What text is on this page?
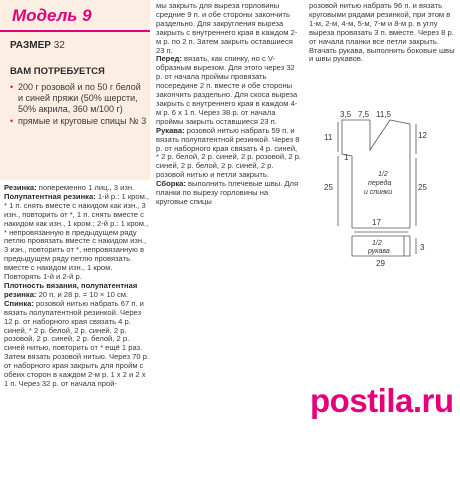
Модель 9
РАЗМЕР 32
ВАМ ПОТРЕБУЕТСЯ
• 200 г розовой и по 50 г белой и синей пряжи (50% шерсти, 50% акрила, 360 м/100 г)
• прямые и круговые спицы № 3

Резинка: попеременно 1 лиц., 3 изн.

Полупатентная резинка: 1-й р.: 1 кром., * 1 п. снять вместе с накидом как изн., 3 изн., повторить от *, 1 п. снять вместе с накидом как изн., 1 кром.; 2-й р.: 1 кром., * непровязанную в предыдущем ряду петлю провязать вместе с накидом изн., 3 изн., повторить от *, непровязанную в предыдущем ряду петлю провязать вместе с накидом изн., 1 кром. Повторять 1-й и 2-й р.

Плотность вязания, полупатентная резинка: 20 п. и 28 р. = 10 × 10 см.

Спинка: розовой нитью набрать 67 п. и вязать полупатентной резинкой. Через 12 р. от наборного края связать 4 р. синей, * 2 р. белой, 2 р. синей, 2 р. розовой, 2 р. синей, 2 р. белой, 2 р. синей нитью, повторить от * ещё 1 раз. Затем вязать розовой нитью. Через 70 р. от наборного края закрыть для пройм с обеих сторон в каждом 2-м р. 1 х 2 и 2 х 1 п. Через 32 р. от начала прой-

мы закрыть для выреза горловины средние 9 п. и обе стороны закончить раздельно. Для закругления выреза закрыть с внутреннего края в каждом 2-м р. по 2 п. Затем закрыть оставшиеся 23 п.

Перед: вязать, как спинку, но с V-образным вырезом. Для этого через 32 р. от начала проймы провязать посередине 2 п. вместе и обе стороны закончить раздельно. Для скоса выреза закрыть с внутреннего края в каждом 4-м р. 6 х 1 п. Через 38 р. от начала проймы закрыть оставшиеся 23 п.

Рукава: розовой нитью набрать 59 п. и вязать полупатентной резинкой. Через 8 р. от наборного края связать 4 р. синей, * 2 р. белой, 2 р. синей, 2 р. розовой, 2 р. синей, 2 р. белой, 2 р. синей, 2 р. розовой нитью и петли закрыть.

Сборка: выполнить плечевые швы. Для планки по вырезу горловины на круговые спицы

розовой нитью набрать 96 п. и вязать круговыми рядами резинкой, при этом в 1-м, 2-м, 4-м, 5-м, 7-м и 8-м р. в углу выреза провязать 3 п. вместе. Через 8 р. от начала планки все петли закрыть. Втачать рукава, выполнить боковые швы и швы рукавов.

3,5 7,5 11,5
12
11
25	25
1
17
1/2
переда
и спинки
1/2
рукава
29
3
postila.ru
